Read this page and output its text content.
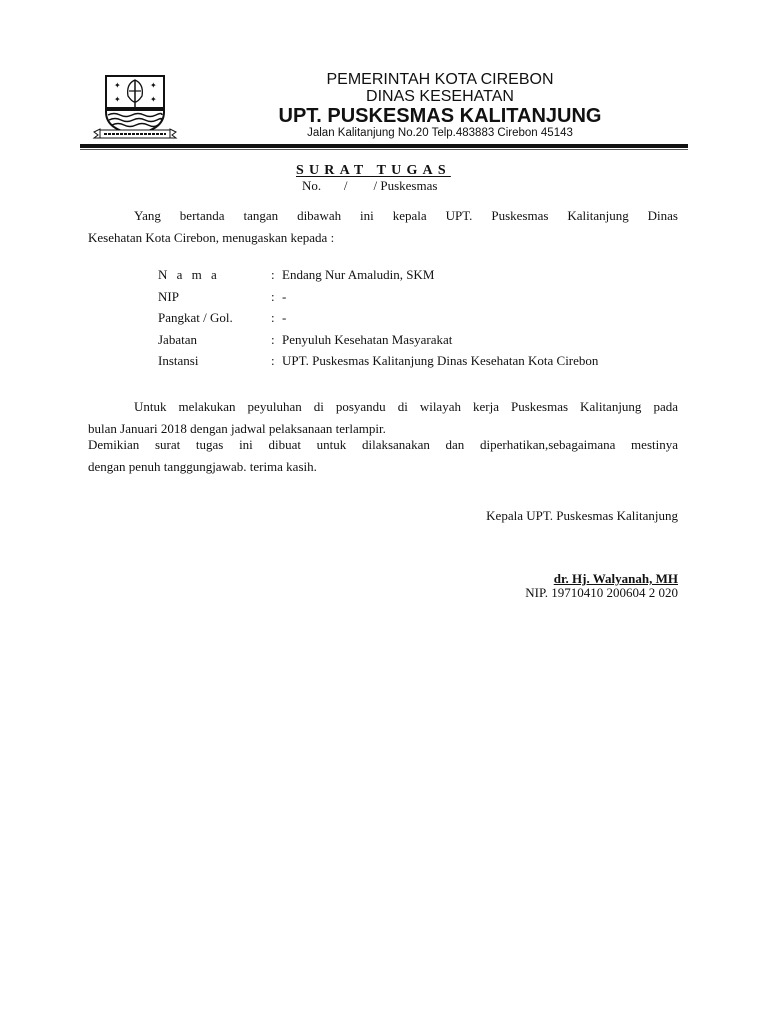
✦	✦
✦	✦
PEMERINTAH KOTA CIREBON
DINAS KESEHATAN
UPT. PUSKESMAS KALITANJUNG
Jalan Kalitanjung No.20 Telp.483883 Cirebon 45143
SURAT TUGAS
No.       /        / Puskesmas
Yang bertanda tangan dibawah ini kepala UPT. Puskesmas Kalitanjung Dinas
Kesehatan Kota Cirebon, menugaskan kepada :
N a m a	: Endang Nur Amaludin, SKM
NIP	: -
Pangkat / Gol.	: -
Jabatan	: Penyuluh Kesehatan Masyarakat
Instansi	: UPT. Puskesmas Kalitanjung Dinas Kesehatan Kota Cirebon
Untuk melakukan peyuluhan di posyandu di wilayah kerja Puskesmas Kalitanjung pada
bulan Januari 2018 dengan jadwal pelaksanaan terlampir.
Demikian surat tugas ini dibuat untuk dilaksanakan dan diperhatikan,sebagaimana mestinya
dengan penuh tanggungjawab. terima kasih.
Kepala UPT. Puskesmas Kalitanjung
dr. Hj. Walyanah, MH
NIP. 19710410 200604 2 020
